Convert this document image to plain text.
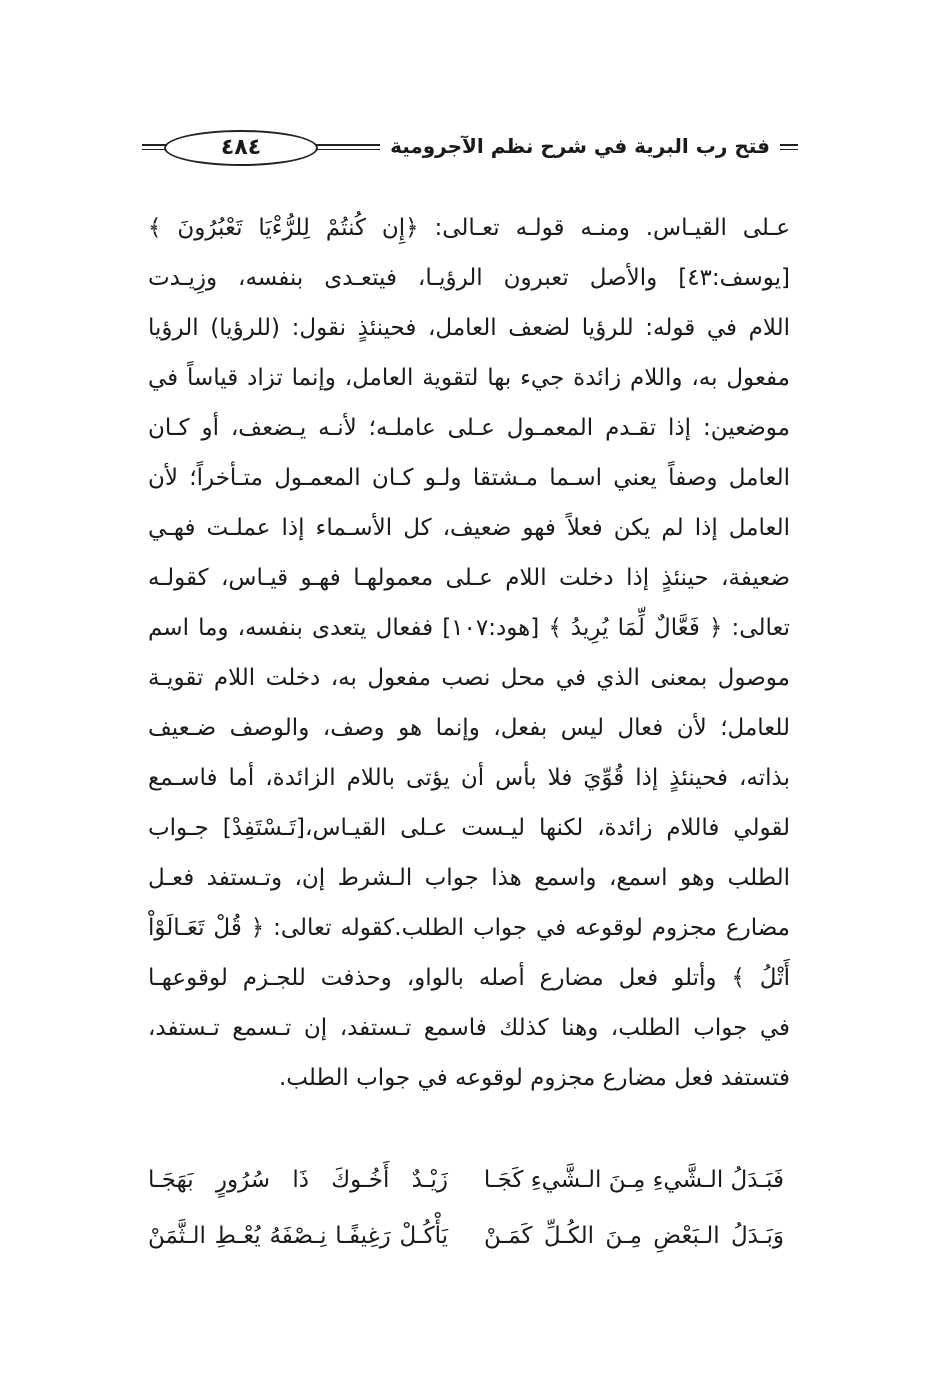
٤٨٤	فتح رب البرية في شرح نظم الآجرومية
عـلى القيـاس. ومنـه قولـه تعـالى: ﴿إِن كُنتُمْ لِلرُّءْيَا تَعْبُرُونَ ﴾
[يوسف:٤٣] والأصل تعبرون الرؤيـا، فيتعـدى بنفسه، وزِيـدت
اللام في قوله: للرؤيا لضعف العامل، فحينئذٍ نقول: (للرؤيا) الرؤيا
مفعول به، واللام زائدة جيء بها لتقوية العامل، وإنما تزاد قياساً في
موضعين: إذا تقـدم المعمـول عـلى عاملـه؛ لأنـه يـضعف، أو كـان
العامل وصفاً يعني اسـما مـشتقا ولـو كـان المعمـول متـأخراً؛ لأن
العامل إذا لم يكن فعلاً فهو ضعيف، كل الأسـماء إذا عملـت فهـي
ضعيفة، حينئذٍ إذا دخلت اللام عـلى معمولهـا فهـو قيـاس، كقولـه
تعالى: ﴿ فَعَّالٌ لِّمَا يُرِيدُ ﴾ [هود:١٠٧] ففعال يتعدى بنفسه، وما اسم
موصول بمعنى الذي في محل نصب مفعول به، دخلت اللام تقويـة
للعامل؛ لأن فعال ليس بفعل، وإنما هو وصف، والوصف ضـعيف
بذاته، فحينئذٍ إذا قُوِّيَ فلا بأس أن يؤتى باللام الزائدة، أما فاسـمع
لقولي فاللام زائدة، لكنها ليـست عـلى القيـاس،[تَـسْتَفِدْ] جـواب
الطلب وهو اسمع، واسمع هذا جواب الـشرط إن، وتـستفد فعـل
مضارع مجزوم لوقوعه في جواب الطلب.كقوله تعالى: ﴿ قُلْ تَعَـالَوْاْ
أَتْلُ ﴾ وأتلو فعل مضارع أصله بالواو، وحذفت للجـزم لوقوعهـا
في جواب الطلب، وهنا كذلك فاسمع تـستفد، إن تـسمع تـستفد،
فتستفد فعل مضارع مجزوم لوقوعه في جواب الطلب.
فَبَـدَلُ الـشَّيءِ مِـنَ الـشَّيءِ كَجَـا
زَيْـدٌ أَخُـوكَ ذَا سُرُورٍ بَهَجَـا
وَبَـدَلُ الـبَعْضِ مِـنَ الكُـلِّ كَمَـنْ
يَأْكُـلْ رَغِيفًـا نِـصْفَهُ يُعْـطِ الـثَّمَنْ
